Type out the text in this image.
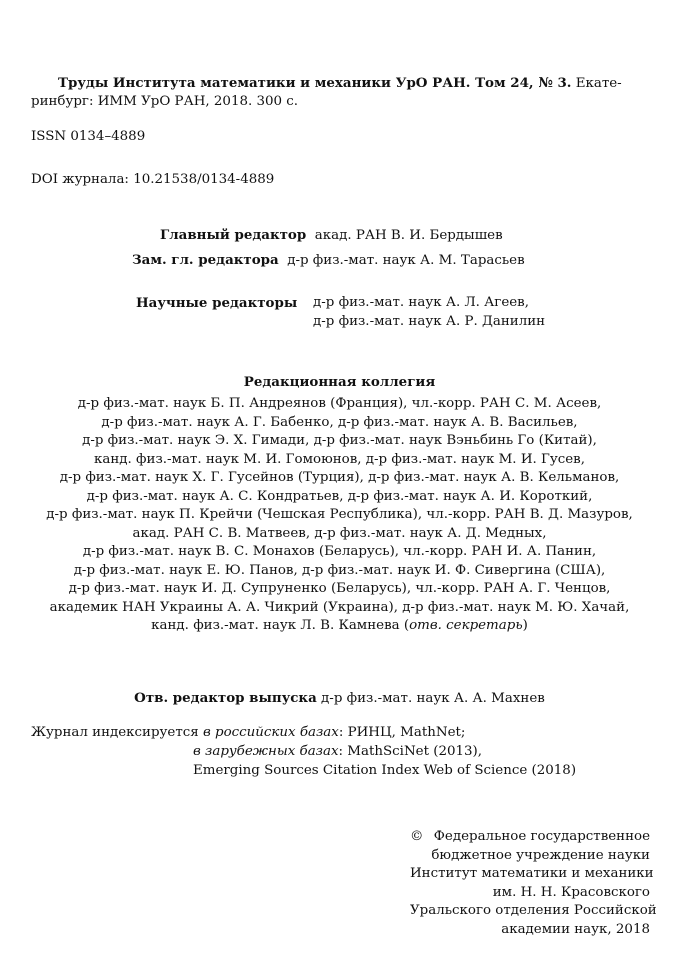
Труды Института математики и механики УрО РАН. Том 24, № 3. Екате-
ринбург: ИММ УрО РАН, 2018. 300 с.
ISSN 0134–4889
DOI журнала: 10.21538/0134-4889
Главный редактор акад. РАН В. И. Бердышев
Зам. гл. редактора д-р физ.-мат. наук А. М. Тарасьев
Научные редакторы д-р физ.-мат. наук А. Л. Агеев,
д-р физ.-мат. наук А. Р. Данилин
Редакционная коллегия
д-р физ.-мат. наук Б. П. Андреянов (Франция), чл.-корр. РАН С. М. Асеев,
д-р физ.-мат. наук А. Г. Бабенко, д-р физ.-мат. наук А. В. Васильев,
д-р физ.-мат. наук Э. Х. Гимади, д-р физ.-мат. наук Вэньбинь Го (Китай),
канд. физ.-мат. наук М. И. Гомоюнов, д-р физ.-мат. наук М. И. Гусев,
д-р физ.-мат. наук Х. Г. Гусейнов (Турция), д-р физ.-мат. наук А. В. Кельманов,
д-р физ.-мат. наук А. С. Кондратьев, д-р физ.-мат. наук А. И. Короткий,
д-р физ.-мат. наук П. Крейчи (Чешская Республика), чл.-корр. РАН В. Д. Мазуров,
акад. РАН С. В. Матвеев, д-р физ.-мат. наук А. Д. Медных,
д-р физ.-мат. наук В. С. Монахов (Беларусь), чл.-корр. РАН И. А. Панин,
д-р физ.-мат. наук Е. Ю. Панов, д-р физ.-мат. наук И. Ф. Сивергина (США),
д-р физ.-мат. наук И. Д. Супруненко (Беларусь), чл.-корр. РАН А. Г. Ченцов,
академик НАН Украины А. А. Чикрий (Украина), д-р физ.-мат. наук М. Ю. Хачай,
канд. физ.-мат. наук Л. В. Камнева (отв. секретарь)
Отв. редактор выпуска д-р физ.-мат. наук А. А. Махнев
Журнал индексируется в российских базах: РИНЦ, MathNet;
в зарубежных базах: MathSciNet (2013),
Emerging Sources Citation Index Web of Science (2018)
© Федеральное государственное
бюджетное учреждение науки
Институт математики и механики
им. Н. Н. Красовского
Уральского отделения Российской
академии наук, 2018
